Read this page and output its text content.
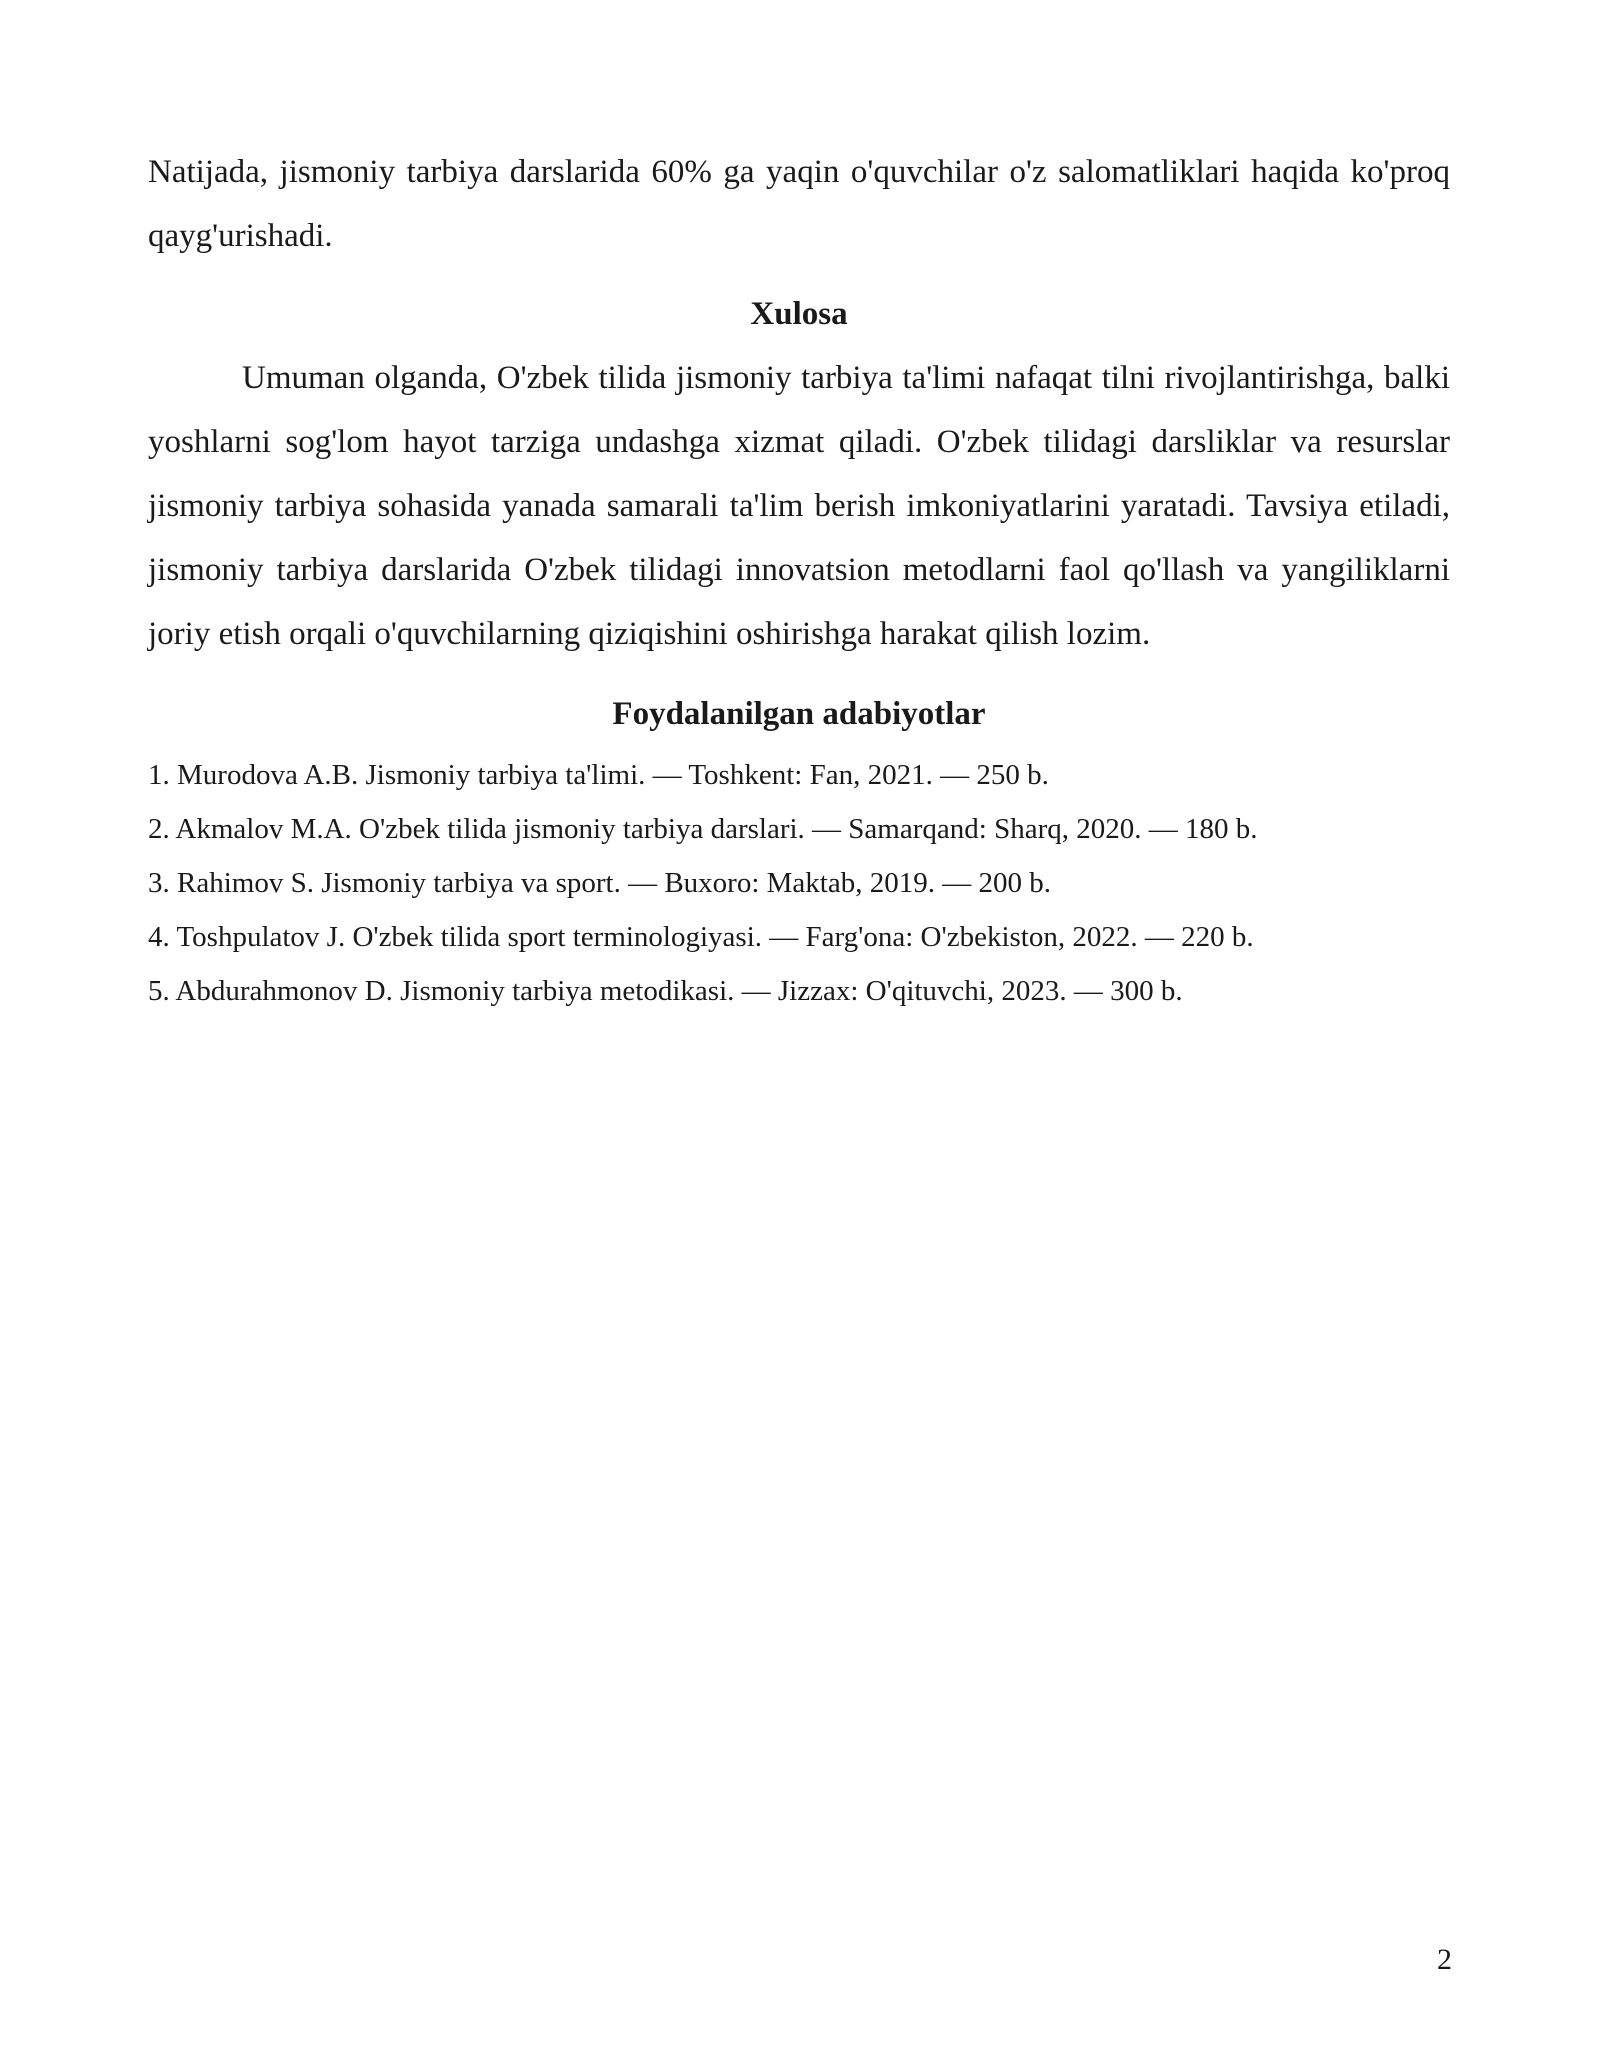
Natijada, jismoniy tarbiya darslarida 60% ga yaqin o'quvchilar o'z salomatliklari haqida ko'proq qayg'urishadi.

Xulosa

Umuman olganda, O'zbek tilida jismoniy tarbiya ta'limi nafaqat tilni rivojlantirishga, balki yoshlarni sog'lom hayot tarziga undashga xizmat qiladi. O'zbek tilidagi darsliklar va resurslar jismoniy tarbiya sohasida yanada samarali ta'lim berish imkoniyatlarini yaratadi. Tavsiya etiladi, jismoniy tarbiya darslarida O'zbek tilidagi innovatsion metodlarni faol qo'llash va yangiliklarni joriy etish orqali o'quvchilarning qiziqishini oshirishga harakat qilish lozim.

Foydalanilgan adabiyotlar
1. Murodova A.B. Jismoniy tarbiya ta'limi. — Toshkent: Fan, 2021. — 250 b.
2. Akmalov M.A. O'zbek tilida jismoniy tarbiya darslari. — Samarqand: Sharq, 2020. — 180 b.
3. Rahimov S. Jismoniy tarbiya va sport. — Buxoro: Maktab, 2019. — 200 b.
4. Toshpulatov J. O'zbek tilida sport terminologiyasi. — Farg'ona: O'zbekiston, 2022. — 220 b.
5. Abdurahmonov D. Jismoniy tarbiya metodikasi. — Jizzax: O'qituvchi, 2023. — 300 b.
2
